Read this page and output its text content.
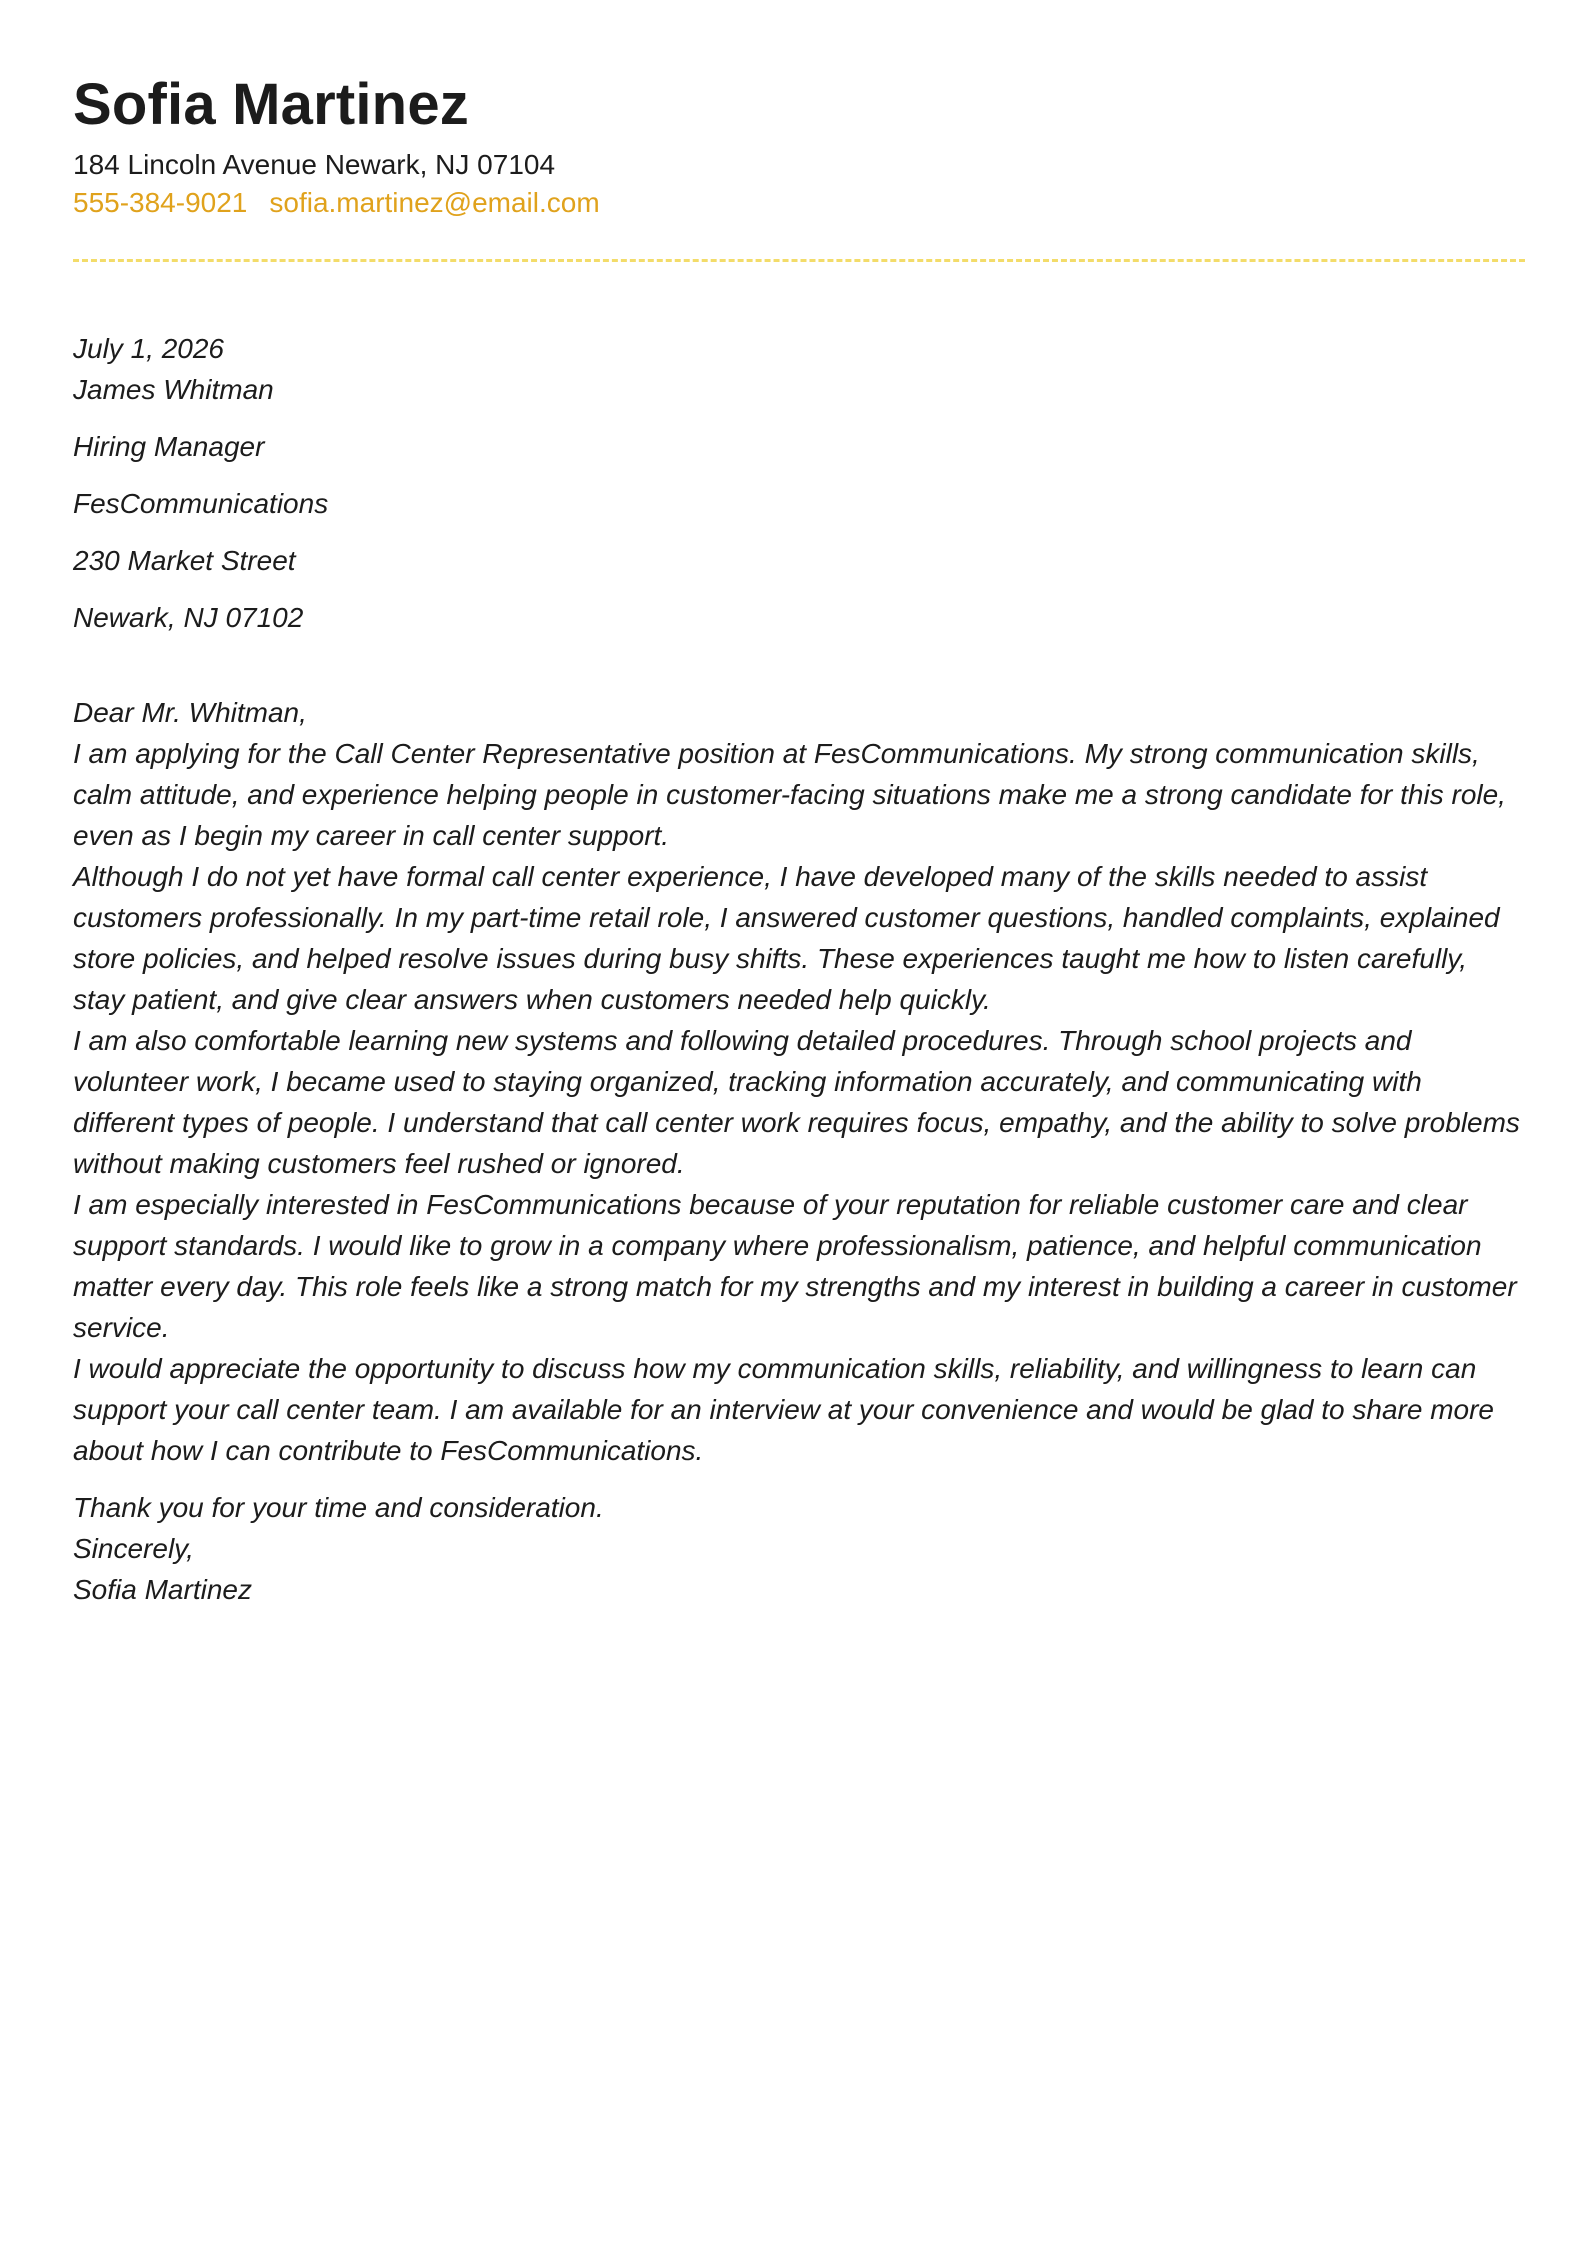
Sofia Martinez
184 Lincoln Avenue Newark, NJ 07104
555-384-9021 sofia.martinez@email.com

July 1, 2026

James Whitman

Hiring Manager

FesCommunications

230 Market Street

Newark, NJ 07102

Dear Mr. Whitman,

I am applying for the Call Center Representative position at FesCommunications. My strong communication skills, calm attitude, and experience helping people in customer-facing situations make me a strong candidate for this role, even as I begin my career in call center support.

Although I do not yet have formal call center experience, I have developed many of the skills needed to assist customers professionally. In my part-time retail role, I answered customer questions, handled complaints, explained store policies, and helped resolve issues during busy shifts. These experiences taught me how to listen carefully, stay patient, and give clear answers when customers needed help quickly.

I am also comfortable learning new systems and following detailed procedures. Through school projects and volunteer work, I became used to staying organized, tracking information accurately, and communicating with different types of people. I understand that call center work requires focus, empathy, and the ability to solve problems without making customers feel rushed or ignored.

I am especially interested in FesCommunications because of your reputation for reliable customer care and clear support standards. I would like to grow in a company where professionalism, patience, and helpful communication matter every day. This role feels like a strong match for my strengths and my interest in building a career in customer service.

I would appreciate the opportunity to discuss how my communication skills, reliability, and willingness to learn can support your call center team. I am available for an interview at your convenience and would be glad to share more about how I can contribute to FesCommunications.

Thank you for your time and consideration.

Sincerely,

Sofia Martinez
